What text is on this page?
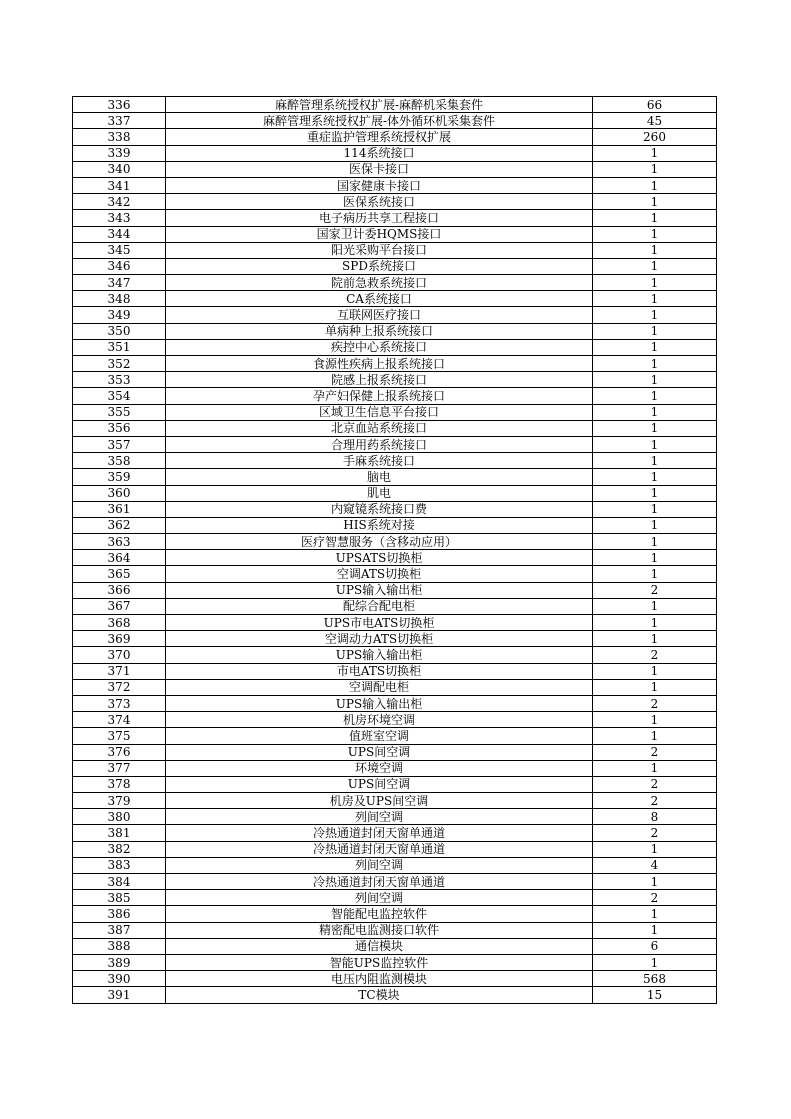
336	麻醉管理系统授权扩展-麻醉机采集套件	66
337	麻醉管理系统授权扩展-体外循环机采集套件	45
338	重症监护管理系统授权扩展	260
339	114系统接口	1
340	医保卡接口	1
341	国家健康卡接口	1
342	医保系统接口	1
343	电子病历共享工程接口	1
344	国家卫计委HQMS接口	1
345	阳光采购平台接口	1
346	SPD系统接口	1
347	院前急救系统接口	1
348	CA系统接口	1
349	互联网医疗接口	1
350	单病种上报系统接口	1
351	疾控中心系统接口	1
352	食源性疾病上报系统接口	1
353	院感上报系统接口	1
354	孕产妇保健上报系统接口	1
355	区域卫生信息平台接口	1
356	北京血站系统接口	1
357	合理用药系统接口	1
358	手麻系统接口	1
359	脑电	1
360	肌电	1
361	内窥镜系统接口费	1
362	HIS系统对接	1
363	医疗智慧服务（含移动应用）	1
364	UPSATS切换柜	1
365	空调ATS切换柜	1
366	UPS输入输出柜	2
367	配综合配电柜	1
368	UPS市电ATS切换柜	1
369	空调动力ATS切换柜	1
370	UPS输入输出柜	2
371	市电ATS切换柜	1
372	空调配电柜	1
373	UPS输入输出柜	2
374	机房环境空调	1
375	值班室空调	1
376	UPS间空调	2
377	环境空调	1
378	UPS间空调	2
379	机房及UPS间空调	2
380	列间空调	8
381	冷热通道封闭天窗单通道	2
382	冷热通道封闭天窗单通道	1
383	列间空调	4
384	冷热通道封闭天窗单通道	1
385	列间空调	2
386	智能配电监控软件	1
387	精密配电监测接口软件	1
388	通信模块	6
389	智能UPS监控软件	1
390	电压内阻监测模块	568
391	TC模块	15
